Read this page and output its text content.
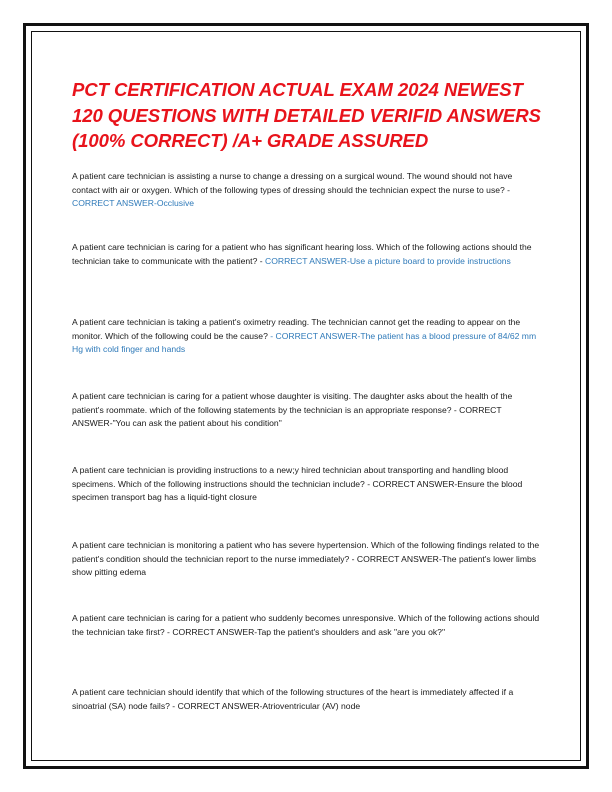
PCT CERTIFICATION ACTUAL EXAM 2024 NEWEST 120 QUESTIONS WITH DETAILED VERIFID ANSWERS (100% CORRECT) /A+ GRADE ASSURED

A patient care technician is assisting a nurse to change a dressing on a surgical wound. The wound should not have contact with air or oxygen. Which of the following types of dressing should the technician expect the nurse to use? - CORRECT ANSWER-Occlusive

A patient care technician is caring for a patient who has significant hearing loss. Which of the following actions should the technician take to communicate with the patient? - CORRECT ANSWER-Use a picture board to provide instructions

A patient care technician is taking a patient's oximetry reading. The technician cannot get the reading to appear on the monitor. Which of the following could be the cause? - CORRECT ANSWER-The patient has a blood pressure of 84/62 mm Hg with cold finger and hands

A patient care technician is caring for a patient whose daughter is visiting. The daughter asks about the health of the patient's roommate. which of the following statements by the technician is an appropriate response? - CORRECT ANSWER-"You can ask the patient about his condition"

A patient care technician is providing instructions to a new;y hired technician about transporting and handling blood specimens. Which of the following instructions should the technician include? - CORRECT ANSWER-Ensure the blood specimen transport bag has a liquid-tight closure

A patient care technician is monitoring a patient who has severe hypertension. Which of the following findings related to the patient's condition should the technician report to the nurse immediately? - CORRECT ANSWER-The patient's lower limbs show pitting edema

A patient care technician is caring for a patient who suddenly becomes unresponsive. Which of the following actions should the technician take first? - CORRECT ANSWER-Tap the patient's shoulders and ask "are you ok?"

A patient care technician should identify that which of the following structures of the heart is immediately affected if a sinoatrial (SA) node fails? - CORRECT ANSWER-Atrioventricular (AV) node
